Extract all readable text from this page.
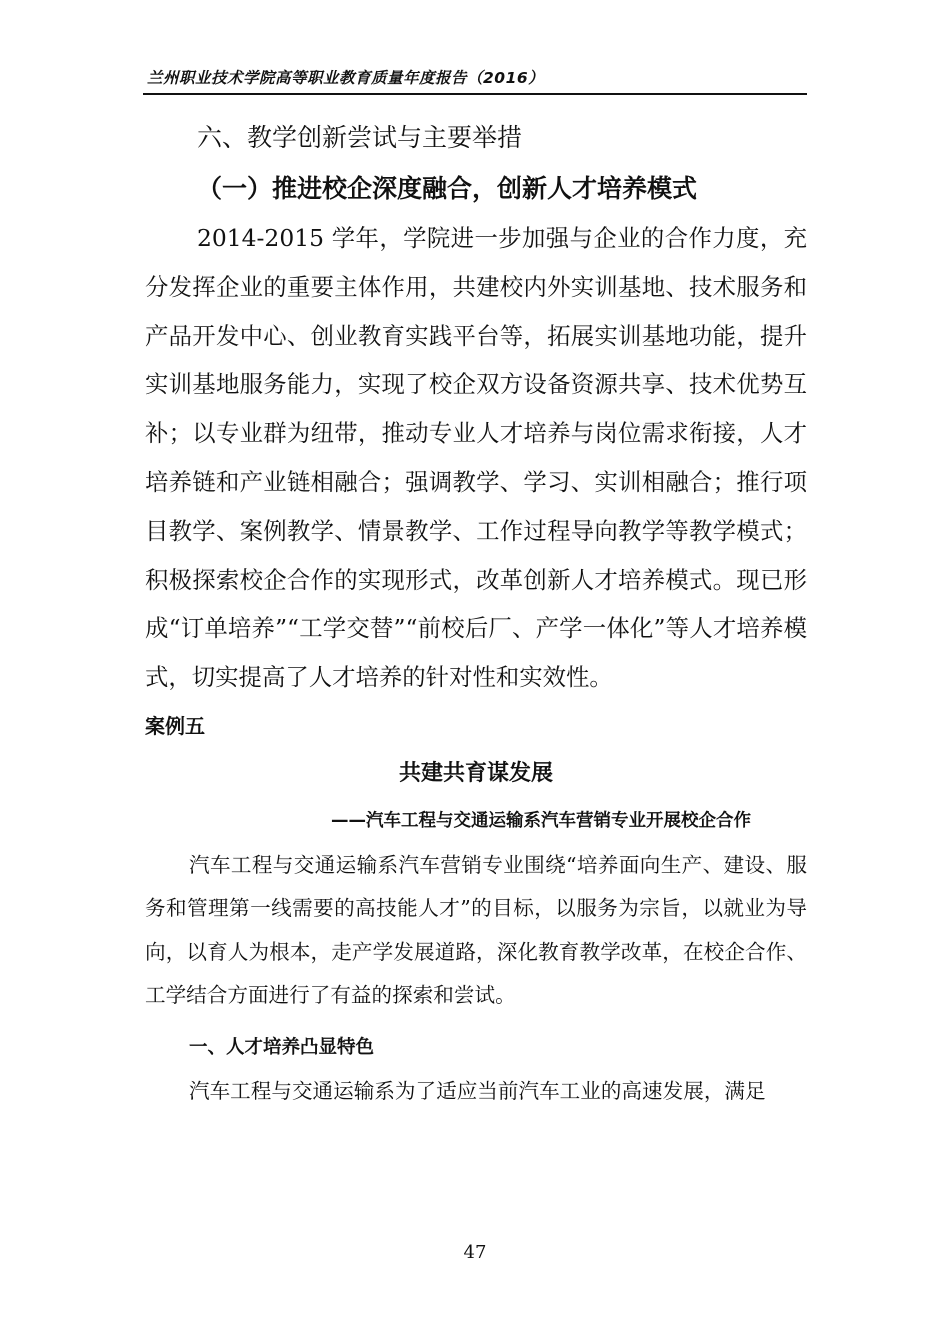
兰州职业技术学院高等职业教育质量年度报告（2016）
六、教学创新尝试与主要举措
（一）推进校企深度融合，创新人才培养模式

2014-2015 学年，学院进一步加强与企业的合作力度，充分发挥企业的重要主体作用，共建校内外实训基地、技术服务和产品开发中心、创业教育实践平台等，拓展实训基地功能，提升实训基地服务能力，实现了校企双方设备资源共享、技术优势互补；以专业群为纽带，推动专业人才培养与岗位需求衔接，人才培养链和产业链相融合；强调教学、学习、实训相融合；推行项目教学、案例教学、情景教学、工作过程导向教学等教学模式；积极探索校企合作的实现形式，改革创新人才培养模式。现已形成“订单培养”“工学交替”“前校后厂、产学一体化”等人才培养模式，切实提高了人才培养的针对性和实效性。

案例五
共建共育谋发展
——汽车工程与交通运输系汽车营销专业开展校企合作

汽车工程与交通运输系汽车营销专业围绕“培养面向生产、建设、服务和管理第一线需要的高技能人才”的目标，以服务为宗旨，以就业为导向，以育人为根本，走产学发展道路，深化教育教学改革，在校企合作、工学结合方面进行了有益的探索和尝试。

一、人才培养凸显特色

汽车工程与交通运输系为了适应当前汽车工业的高速发展，满足

47
